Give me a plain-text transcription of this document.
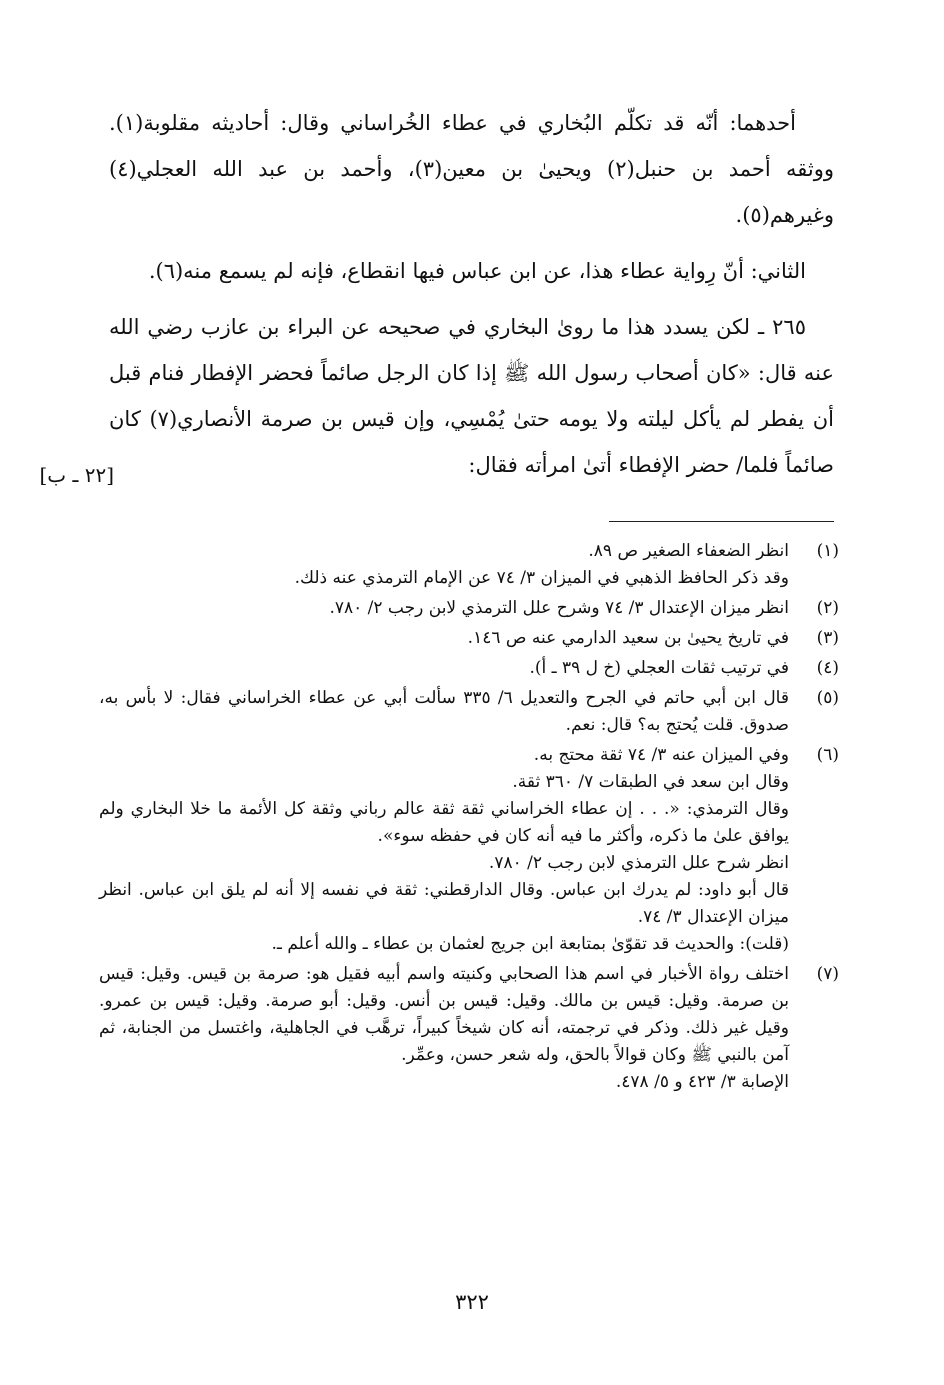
أحدهما: أنّه قد تكلّم البُخاري في عطاء الخُراساني وقال: أحاديثه مقلوبة(١). ووثقه أحمد بن حنبل(٢) ويحيىٰ بن معين(٣)، وأحمد بن عبد الله العجلي(٤) وغيرهم(٥).

الثاني: أنّ رِواية عطاء هذا، عن ابن عباس فيها انقطاع، فإنه لم يسمع منه(٦).

٢٦٥ ـ لكن يسدد هذا ما روىٰ البخاري في صحيحه عن البراء بن عازب رضي الله عنه قال: «كان أصحاب رسول الله ﷺ إذا كان الرجل صائماً فحضر الإفطار فنام قبل أن يفطر لم يأكل ليلته ولا يومه حتىٰ يُمْسِي، وإن قيس بن صرمة الأنصاري(٧) كان صائماً فلما/ حضر الإفطاء أتىٰ امرأته فقال:

[٢٢ ـ ب]
(١)

انظر الضعفاء الصغير ص ٨٩.

وقد ذكر الحافظ الذهبي في الميزان ٣/ ٧٤ عن الإمام الترمذي عنه ذلك.

(٢)

انظر ميزان الإعتدال ٣/ ٧٤ وشرح علل الترمذي لابن رجب ٢/ ٧٨٠.

(٣)

في تاريخ يحيىٰ بن سعيد الدارمي عنه ص ١٤٦.

(٤)

في ترتيب ثقات العجلي (خ ل ٣٩ ـ أ).

(٥)

قال ابن أبي حاتم في الجرح والتعديل ٦/ ٣٣٥ سألت أبي عن عطاء الخراساني فقال: لا بأس به، صدوق. قلت يُحتج به؟ قال: نعم.

(٦)

وفي الميزان عنه ٣/ ٧٤ ثقة محتج به.

وقال ابن سعد في الطبقات ٧/ ٣٦٠ ثقة.

وقال الترمذي: «. . . إن عطاء الخراساني ثقة ثقة عالم رباني وثقة كل الأئمة ما خلا البخاري ولم يوافق علىٰ ما ذكره، وأكثر ما فيه أنه كان في حفظه سوء».

انظر شرح علل الترمذي لابن رجب ٢/ ٧٨٠.

قال أبو داود: لم يدرك ابن عباس. وقال الدارقطني: ثقة في نفسه إلا أنه لم يلق ابن عباس. انظر ميزان الإعتدال ٣/ ٧٤.

(قلت): والحديث قد تقوّىٰ بمتابعة ابن جريج لعثمان بن عطاء ـ والله أعلم ـ.

(٧)

اختلف رواة الأخبار في اسم هذا الصحابي وكنيته واسم أبيه فقيل هو: صرمة بن قيس. وقيل: قيس بن صرمة. وقيل: قيس بن مالك. وقيل: قيس بن أنس. وقيل: أبو صرمة. وقيل: قيس بن عمرو. وقيل غير ذلك. وذكر في ترجمته، أنه كان شيخاً كبيراً، ترهَّب في الجاهلية، واغتسل من الجنابة، ثم آمن بالنبي ﷺ وكان قوالاً بالحق، وله شعر حسن، وعمِّر.

الإصابة ٣/ ٤٢٣ و ٥/ ٤٧٨.

٣٢٢
